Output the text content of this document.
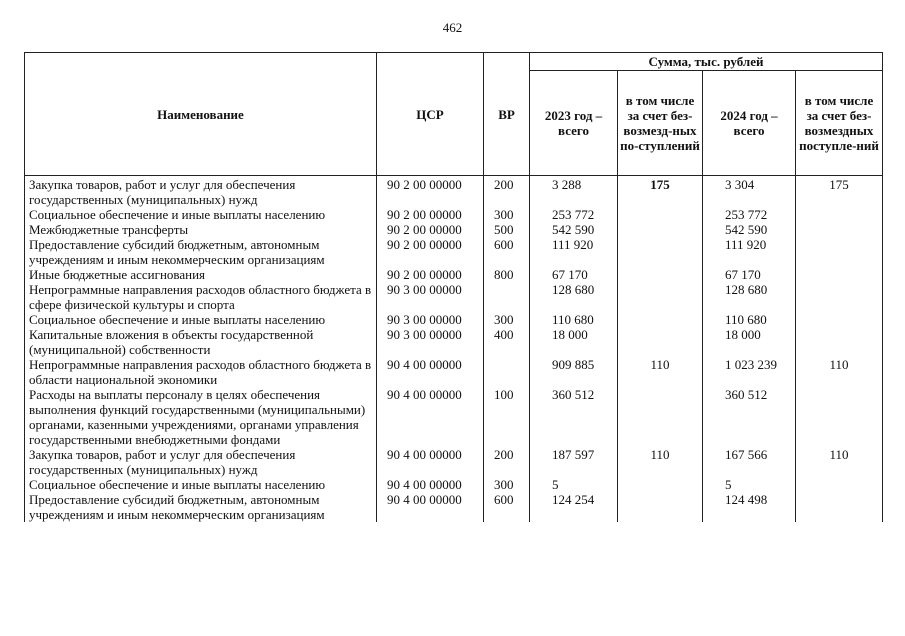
462
Наименование	ЦСР	ВР	Сумма, тыс. рублей			
			2023 год – всего	в том числе за счет без-возмезд-ных по-ступлений	2024 год – всего	в том числе за счет без-возмездных поступле-ний
Закупка товаров, работ и услуг для обеспечения государственных (муниципальных) нужд	90 2 00 00000	200	3 288	175	3 304	175
Социальное обеспечение и иные выплаты населению	90 2 00 00000	300	253 772		253 772	
Межбюджетные трансферты	90 2 00 00000	500	542 590		542 590	
Предоставление субсидий бюджетным, автономным учреждениям и иным некоммерческим организациям	90 2 00 00000	600	111 920		111 920	
Иные бюджетные ассигнования	90 2 00 00000	800	67 170		67 170	
Непрограммные направления расходов областного бюджета в сфере физической культуры и спорта	90 3 00 00000		128 680		128 680	
Социальное обеспечение и иные выплаты населению	90 3 00 00000	300	110 680		110 680	
Капитальные вложения в объекты государственной (муниципальной) собственности	90 3 00 00000	400	18 000		18 000	
Непрограммные направления расходов областного бюджета в области национальной экономики	90 4 00 00000		909 885	110	1 023 239	110
Расходы на выплаты персоналу в целях обеспечения выполнения функций государственными (муниципальными) органами, казенными учреждениями, органами управления государственными внебюджетными фондами	90 4 00 00000	100	360 512		360 512	
Закупка товаров, работ и услуг для обеспечения государственных (муниципальных) нужд	90 4 00 00000	200	187 597	110	167 566	110
Социальное обеспечение и иные выплаты населению	90 4 00 00000	300	5		5	
Предоставление субсидий бюджетным, автономным учреждениям и иным некоммерческим организациям	90 4 00 00000	600	124 254		124 498	
